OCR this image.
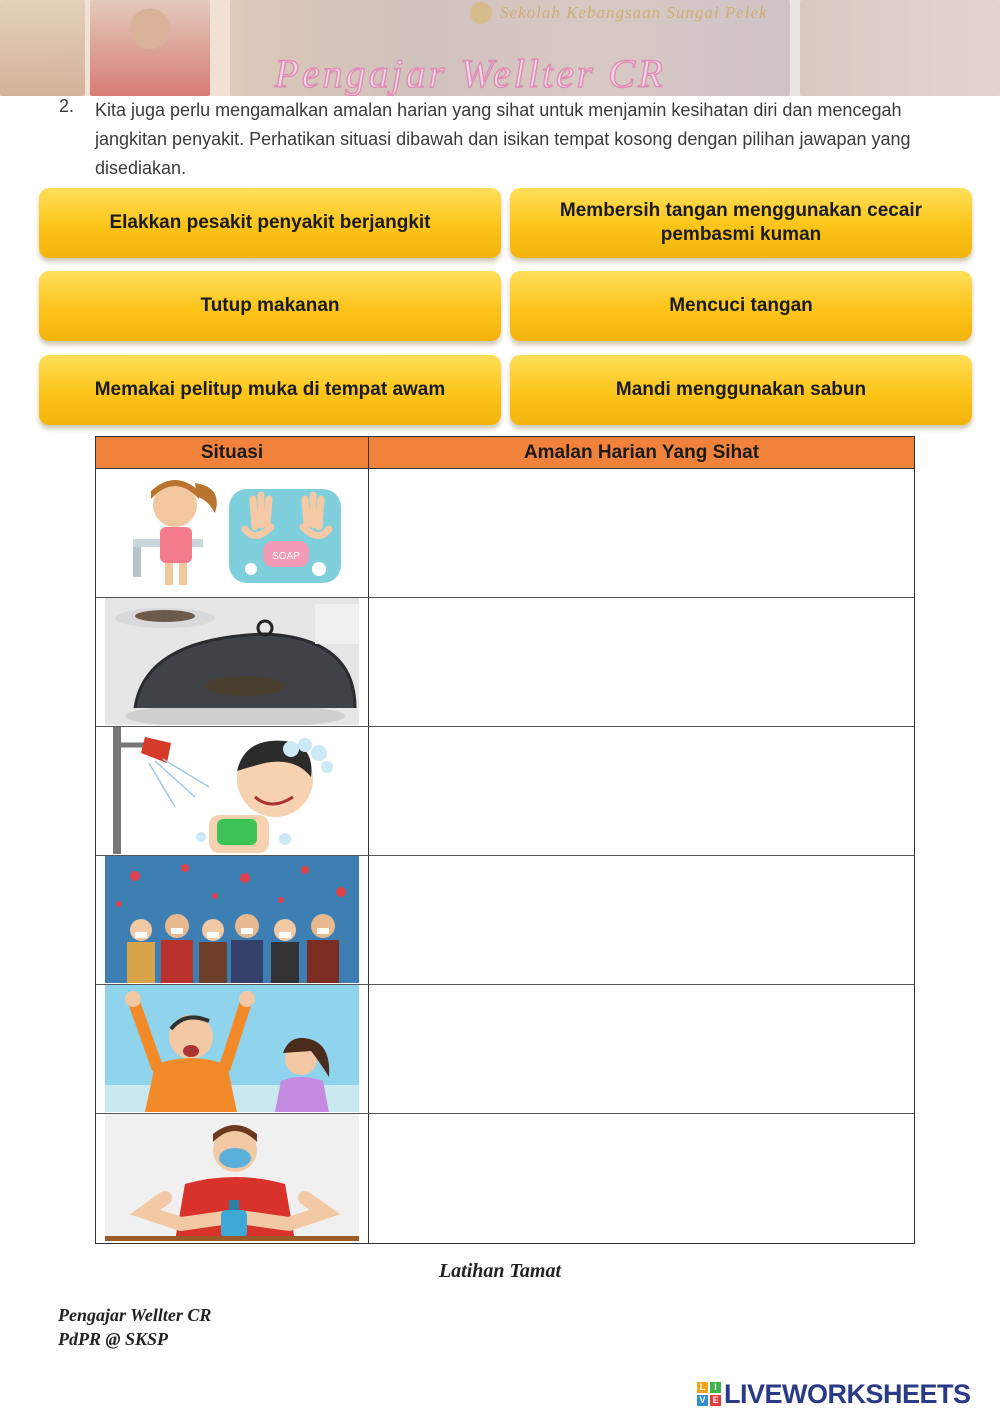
Sekolah Kebangsaan Sungai Pelek
Pengajar Wellter CR
2. Kita juga perlu mengamalkan amalan harian yang sihat untuk menjamin kesihatan diri dan mencegah jangkitan penyakit. Perhatikan situasi dibawah dan isikan tempat kosong dengan pilihan jawapan yang disediakan.
Elakkan pesakit penyakit berjangkit
Membersih tangan menggunakan cecair pembasmi kuman
Tutup makanan	Mencuci tangan
Memakai pelitup muka di tempat awam	Mandi menggunakan sabun
Situasi	Amalan Harian Yang Sihat
SOAP
Latihan Tamat
Pengajar Wellter CR
PdPR @ SKSP
L I
V E LIVEWORKSHEETS
